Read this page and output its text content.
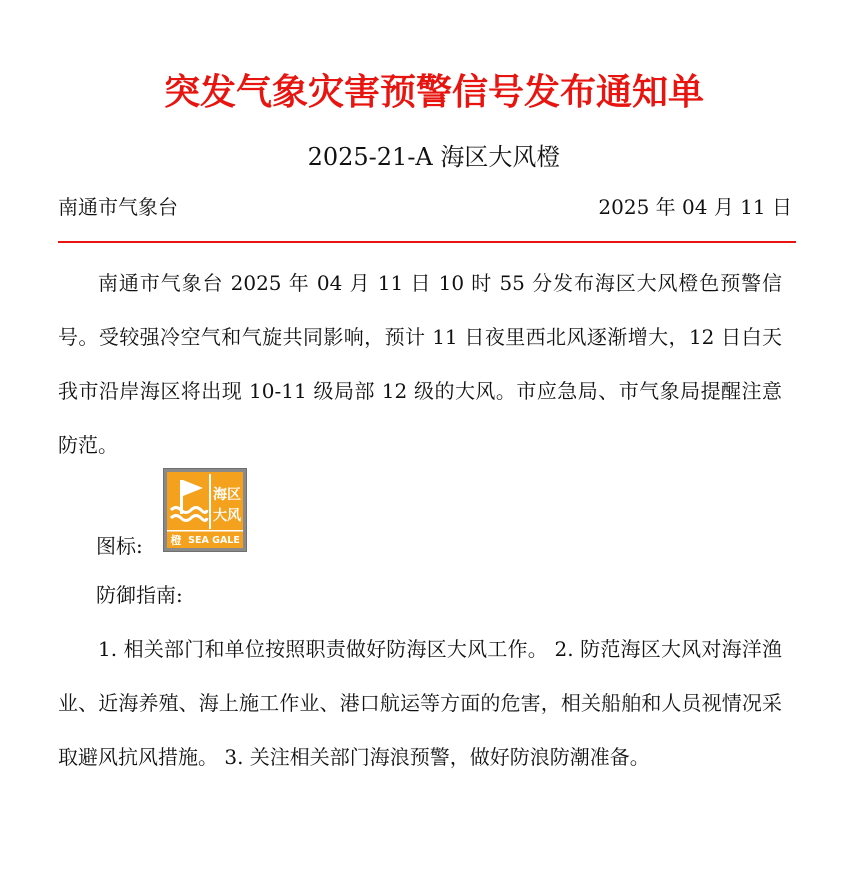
突发气象灾害预警信号发布通知单
2025-21-A 海区大风橙
南通市气象台	2025 年 04 月 11 日
南通市气象台 2025 年 04 月 11 日 10 时 55 分发布海区大风橙色预警信号。受较强冷空气和气旋共同影响，预计 11 日夜里西北风逐渐增大，12 日白天我市沿岸海区将出现 10-11 级局部 12 级的大风。市应急局、市气象局提醒注意防范。
图标:
海区
大风
橙 SEA GALE
防御指南:
1. 相关部门和单位按照职责做好防海区大风工作。 2. 防范海区大风对海洋渔业、近海养殖、海上施工作业、港口航运等方面的危害，相关船舶和人员视情况采取避风抗风措施。 3. 关注相关部门海浪预警，做好防浪防潮准备。
